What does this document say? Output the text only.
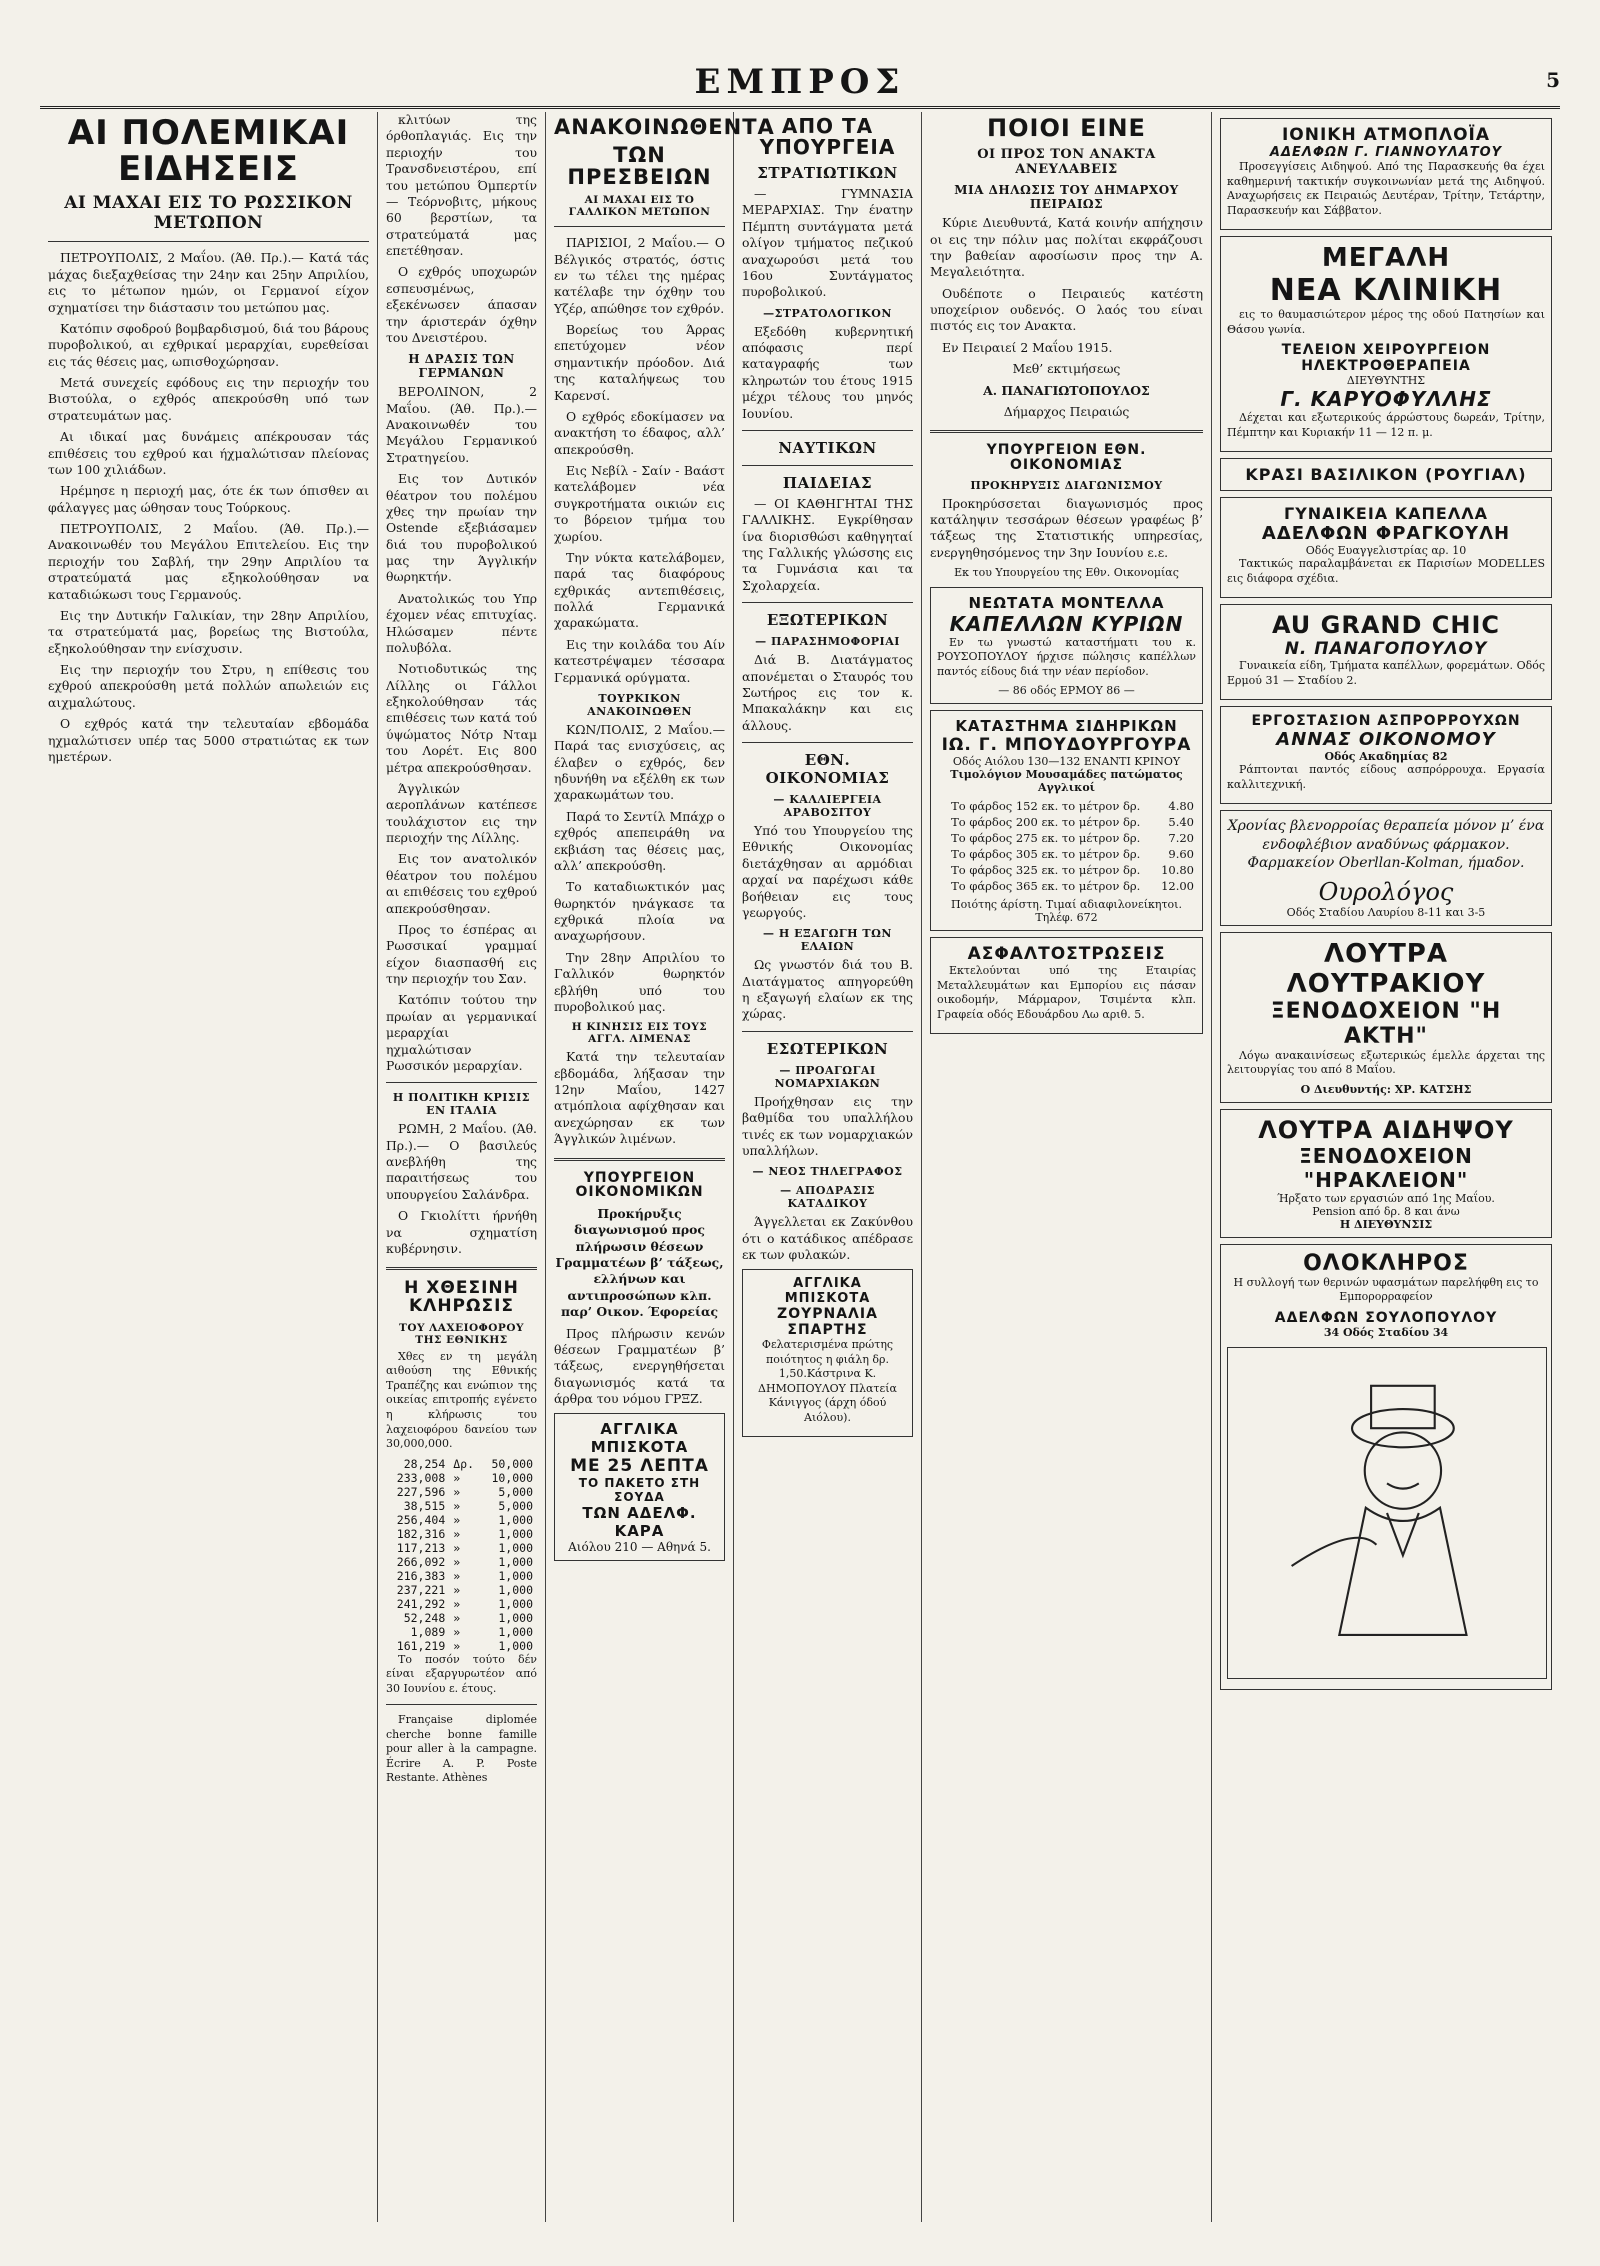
ΕΜΠΡΟΣ	5
ΑΙ ΠΟΛΕΜΙΚΑΙ ΕΙΔΗΣΕΙΣ
ΑΙ ΜΑΧΑΙ ΕΙΣ ΤΟ ΡΩΣΣΙΚΟΝ ΜΕΤΩΠΟΝ

ΠΕΤΡΟΥΠΟΛΙΣ, 2 Μαΐου. (Άθ. Πρ.).— Κατά τάς μάχας διεξαχθείσας την 24ην και 25ην Απριλίου, εις το μέτωπον ημών, οι Γερμανοί είχον σχηματίσει την διάστασιν του μετώπου μας.

Κατόπιν σφοδρού βομβαρδισμού, διά του βάρους πυροβολικού, αι εχθρικαί μεραρχίαι, ευρεθείσαι εις τάς θέσεις μας, ωπισθοχώρησαν.

Μετά συνεχείς εφόδους εις την περιοχήν του Βιστούλα, ο εχθρός απεκρούσθη υπό των στρατευμάτων μας.

Αι ιδικαί μας δυνάμεις απέκρουσαν τάς επιθέσεις του εχθρού και ήχμαλώτισαν πλείονας των 100 χιλιάδων.

Ηρέμησε η περιοχή μας, ότε έκ των όπισθεν αι φάλαγγες μας ώθησαν τους Τούρκους.

ΠΕΤΡΟΥΠΟΛΙΣ, 2 Μαΐου. (Άθ. Πρ.).— Ανακοινωθέν του Μεγάλου Επιτελείου. Εις την περιοχήν του Σαβλή, την 29ην Απριλίου τα στρατεύματά μας εξηκολούθησαν να καταδιώκωσι τους Γερμανούς.

Εις την Δυτικήν Γαλικίαν, την 28ην Απριλίου, τα στρατεύματά μας, βορείως της Βιστούλα, εξηκολούθησαν την ενίσχυσιν.

Εις την περιοχήν του Στρυ, η επίθεσις του εχθρού απεκρούσθη μετά πολλών απωλειών εις αιχμαλώτους.

Ο εχθρός κατά την τελευταίαν εβδομάδα ηχμαλώτισεν υπέρ τας 5000 στρατιώτας εκ των ημετέρων.

κλιτύων της όρθοπλαγιάς. Εις την περιοχήν του Τρανσδνειστέρου, επί του μετώπου Όμπερτίν — Τεόρνοβιτς, μήκους 60 βερστίων, τα στρατεύματά μας επετέθησαν.

Ο εχθρός υποχωρών εσπευσμένως, εξεκένωσεν άπασαν την άριστεράν όχθην του Δνειστέρου.

Η ΔΡΑΣΙΣ ΤΩΝ ΓΕΡΜΑΝΩΝ

ΒΕΡΟΛΙΝΟΝ, 2 Μαΐου. (Άθ. Πρ.).— Ανακοινωθέν του Μεγάλου Γερμανικού Στρατηγείου.

Εις τον Δυτικόν θέατρον του πολέμου χθες την πρωίαν την Ostende εξεβιάσαμεν διά του πυροβολικού μας την Άγγλικήν θωρηκτήν.

Ανατολικώς του Υπρ έχομεν νέας επιτυχίας. Ηλώσαμεν πέντε πολυβόλα.

Νοτιοδυτικώς της Λίλλης οι Γάλλοι εξηκολούθησαν τάς επιθέσεις των κατά τού ύψώματος Νότρ Νταμ του Λορέτ. Εις 800 μέτρα απεκρούσθησαν.

Άγγλικών αεροπλάνων κατέπεσε τουλάχιστον εις την περιοχήν της Λίλλης.

Εις τον ανατολικόν θέατρον του πολέμου αι επιθέσεις του εχθρού απεκρούσθησαν.

Προς το έσπέρας αι Ρωσσικαί γραμμαί είχον διασπασθή εις την περιοχήν του Σαν.

Κατόπιν τούτου την πρωίαν αι γερμανικαί μεραρχίαι ηχμαλώτισαν Ρωσσικόν μεραρχίαν.

Η ΠΟΛΙΤΙΚΗ ΚΡΙΣΙΣ ΕΝ ΙΤΑΛΙΑ

ΡΩΜΗ, 2 Μαΐου. (Άθ. Πρ.).— Ο βασιλεύς ανεβλήθη της παραιτήσεως του υπουργείου Σαλάνδρα.

Ο Γκιολίττι ήρνήθη να σχηματίση κυβέρνησιν.

Η ΧΘΕΣΙΝΗ ΚΛΗΡΩΣΙΣ
ΤΟΥ ΛΑΧΕΙΟΦΟΡΟΥ ΤΗΣ ΕΘΝΙΚΗΣ

Χθες εν τη μεγάλη αιθούση της Εθνικής Τραπέζης και ενώπιον της οικείας επιτροπής εγένετο η κλήρωσις του λαχειοφόρου δανείου των 30,000,000.

28,254	Δρ.	50,000
233,008	»	10,000
227,596	»	5,000
38,515	»	5,000
256,404	»	1,000
182,316	»	1,000
117,213	»	1,000
266,092	»	1,000
216,383	»	1,000
237,221	»	1,000
241,292	»	1,000
52,248	»	1,000
1,089	»	1,000
161,219	»	1,000

Το ποσόν τούτο δέν είναι εξαργυρωτέον από 30 Ιουνίου ε. έτους.

Française diplomée cherche bonne famille pour aller à la campagne. Écrire A. P. Poste Restante. Athènes

ΑΝΑΚΟΙΝΩΘΕΝΤΑ
ΤΩΝ ΠΡΕΣΒΕΙΩΝ
ΑΙ ΜΑΧΑΙ ΕΙΣ ΤΟ ΓΑΛΛΙΚΟΝ ΜΕΤΩΠΟΝ

ΠΑΡΙΣΙΟΙ, 2 Μαΐου.— Ο Βέλγικός στρατός, όστις εν τω τέλει της ημέρας κατέλαβε την όχθην του Υζέρ, απώθησε τον εχθρόν.

Βορείως του Άρρας επετύχομεν νέον σημαντικήν πρόοδον. Διά της καταλήψεως του Καρενσί.

Ο εχθρός εδοκίμασεν να ανακτήση το έδαφος, αλλ’ απεκρούσθη.

Εις Νεβίλ - Σαίν - Βαάστ κατελάβομεν νέα συγκροτήματα οικιών εις το βόρειον τμήμα του χωρίου.

Την νύκτα κατελάβομεν, παρά τας διαφόρους εχθρικάς αντεπιθέσεις, πολλά Γερμανικά χαρακώματα.

Εις την κοιλάδα του Αίν κατεστρέψαμεν τέσσαρα Γερμανικά ορύγματα.

ΤΟΥΡΚΙΚΟΝ ΑΝΑΚΟΙΝΩΘΕΝ

ΚΩΝ/ΠΟΛΙΣ, 2 Μαΐου.— Παρά τας ενισχύσεις, ας έλαβεν ο εχθρός, δεν ηδυνήθη να εξέλθη εκ των χαρακωμάτων του.

Παρά το Σεντίλ Μπάχρ ο εχθρός απεπειράθη να εκβιάση τας θέσεις μας, αλλ’ απεκρούσθη.

Το καταδιωκτικόν μας θωρηκτόν ηνάγκασε τα εχθρικά πλοία να αναχωρήσουν.

Την 28ην Απριλίου το Γαλλικόν θωρηκτόν εβλήθη υπό του πυροβολικού μας.

Η ΚΙΝΗΣΙΣ ΕΙΣ ΤΟΥΣ ΑΓΓΛ. ΛΙΜΕΝΑΣ

Κατά την τελευταίαν εβδομάδα, λήξασαν την 12ην Μαΐου, 1427 ατμόπλοια αφίχθησαν και ανεχώρησαν εκ των Άγγλικών λιμένων.

ΥΠΟΥΡΓΕΙΟΝ ΟΙΚΟΝΟΜΙΚΩΝ

Προκήρυξις διαγωνισμού προς πλήρωσιν θέσεων Γραμματέων β’ τάξεως, ελλήνων και αντιπροσώπων κλπ. παρ’ Οικον. Έφορείας

Προς πλήρωσιν κενών θέσεων Γραμματέων β’ τάξεως, ενεργηθήσεται διαγωνισμός κατά τα άρθρα του νόμου ΓΡΞΖ.

ΑΓΓΛΙΚΑ ΜΠΙΣΚΟΤΑ
ΜΕ 25 ΛΕΠΤΑ
ΤΟ ΠΑΚΕΤΟ ΣΤΗ ΣΟΥΔΑ
ΤΩΝ ΑΔΕΛΦ. ΚΑΡΑ
Αιόλου 210 — Αθηνά 5.
ΑΠΟ ΤΑ ΥΠΟΥΡΓΕΙΑ
ΣΤΡΑΤΙΩΤΙΚΩΝ

— ΓΥΜΝΑΣΙΑ ΜΕΡΑΡΧΙΑΣ. Την ένατην Πέμπτη συντάγματα μετά ολίγον τμήματος πεζικού αναχωρούσι μετά του 16ου Συντάγματος πυροβολικού.

—ΣΤΡΑΤΟΛΟΓΙΚΟΝ

Εξεδόθη κυβερνητική απόφασις περί καταγραφής των κληρωτών του έτους 1915 μέχρι τέλους του μηνός Ιουνίου.

ΝΑΥΤΙΚΩΝ
ΠΑΙΔΕΙΑΣ

— ΟΙ ΚΑΘΗΓΗΤΑΙ ΤΗΣ ΓΑΛΛΙΚΗΣ. Εγκρίθησαν ίνα διορισθώσι καθηγηταί της Γαλλικής γλώσσης εις τα Γυμνάσια και τα Σχολαρχεία.

ΕΞΩΤΕΡΙΚΩΝ
— ΠΑΡΑΣΗΜΟΦΟΡΙΑΙ

Διά Β. Διατάγματος απονέμεται ο Σταυρός του Σωτήρος εις τον κ. Μπακαλάκην και εις άλλους.

ΕΘΝ. ΟΙΚΟΝΟΜΙΑΣ
— ΚΑΛΛΙΕΡΓΕΙΑ ΑΡΑΒΟΣΙΤΟΥ

Υπό του Υπουργείου της Εθνικής Οικονομίας διετάχθησαν αι αρμόδιαι αρχαί να παρέχωσι κάθε βοήθειαν εις τους γεωργούς.

— Η ΕΞΑΓΩΓΗ ΤΩΝ ΕΛΑΙΩΝ

Ως γνωστόν διά του Β. Διατάγματος απηγορεύθη η εξαγωγή ελαίων εκ της χώρας.

ΕΣΩΤΕΡΙΚΩΝ
— ΠΡΟΑΓΩΓΑΙ ΝΟΜΑΡΧΙΑΚΩΝ

Προήχθησαν εις την βαθμίδα του υπαλλήλου τινές εκ των νομαρχιακών υπαλλήλων.

— ΝΕΟΣ ΤΗΛΕΓΡΑΦΟΣ
— ΑΠΟΔΡΑΣΙΣ ΚΑΤΑΔΙΚΟΥ

Άγγελλεται εκ Ζακύνθου ότι ο κατάδικος απέδρασε εκ των φυλακών.

ΑΓΓΛΙΚΑ ΜΠΙΣΚΟΤΑ
ΖΟΥΡΝΑΛΙΑ ΣΠΑΡΤΗΣ

Φελατερισμένα πρώτης ποιότητος η φιάλη δρ. 1,50.Κάστρινα Κ. ΔΗΜΟΠΟΥΛΟΥ Πλατεία Κάνιγγος (άρχη όδού Αιόλου).

ΠΟΙΟΙ ΕΙΝΕ
ΟΙ ΠΡΟΣ ΤΟΝ ΑΝΑΚΤΑ ΑΝΕΥΛΑΒΕΙΣ
ΜΙΑ ΔΗΛΩΣΙΣ ΤΟΥ ΔΗΜΑΡΧΟΥ ΠΕΙΡΑΙΩΣ

Κύριε Διευθυντά, Κατά κοινήν απήχησιν οι εις την πόλιν μας πολίται εκφράζουσι την βαθείαν αφοσίωσιν προς την Α. Μεγαλειότητα.

Ουδέποτε ο Πειραιεύς κατέστη υποχείριον ουδενός. Ο λαός του είναι πιστός εις τον Ανακτα.

Εν Πειραιεί 2 Μαΐου 1915.

Μεθ’ εκτιμήσεως

Α. ΠΑΝΑΓΙΩΤΟΠΟΥΛΟΣ

Δήμαρχος Πειραιώς

ΥΠΟΥΡΓΕΙΟΝ ΕΘΝ. ΟΙΚΟΝΟΜΙΑΣ
ΠΡΟΚΗΡΥΞΙΣ ΔΙΑΓΩΝΙΣΜΟΥ

Προκηρύσσεται διαγωνισμός προς κατάληψιν τεσσάρων θέσεων γραφέως β’ τάξεως της Στατιστικής υπηρεσίας, ενεργηθησόμενος την 3ην Ιουνίου ε.ε.

Εκ του Υπουργείου της Εθν. Οικονομίας

ΝΕΩΤΑΤΑ ΜΟΝΤΕΛΛΑ
ΚΑΠΕΛΛΩΝ ΚΥΡΙΩΝ

Εν τω γνωστώ καταστήματι του κ. ΡΟΥΣΟΠΟΥΛΟΥ ήρχισε πώλησις καπέλλων παντός είδους διά την νέαν περίοδον.

— 86 οδός ΕΡΜΟΥ 86 —
ΚΑΤΑΣΤΗΜΑ ΣΙΔΗΡΙΚΩΝ
ΙΩ. Γ. ΜΠΟΥΔΟΥΡΓΟΥΡΑ
Οδός Αιόλου 130—132 ΕΝΑΝΤΙ ΚΡΙΝΟΥ
Τιμολόγιον Μουσαμάδες πατώματος Αγγλικοί
Το φάρδος 152 εκ. το μέτρον δρ.	4.80
Το φάρδος 200 εκ. το μέτρον δρ.	5.40
Το φάρδος 275 εκ. το μέτρον δρ.	7.20
Το φάρδος 305 εκ. το μέτρον δρ.	9.60
Το φάρδος 325 εκ. το μέτρον δρ.	10.80
Το φάρδος 365 εκ. το μέτρον δρ.	12.00
Ποιότης άρίστη. Τιμαί αδιαφιλονείκητοι. Τηλέφ. 672
ΑΣΦΑΛΤΟΣΤΡΩΣΕΙΣ

Εκτελούνται υπό της Εταιρίας Μεταλλευμάτων και Εμπορίου εις πάσαν οικοδομήν, Μάρμαρον, Τσιμέντα κλπ. Γραφεία οδός Εδουάρδου Λω αριθ. 5.

ΙΟΝΙΚΗ ΑΤΜΟΠΛΟΪΑ
ΑΔΕΛΦΩΝ Γ. ΓΙΑΝΝΟΥΛΑΤΟΥ

Προσεγγίσεις Αιδηψού. Από της Παρασκευής θα έχει καθημερινή τακτικήν συγκοινωνίαν μετά της Αιδηψού. Αναχωρήσεις εκ Πειραιώς Δευτέραν, Τρίτην, Τετάρτην, Παρασκευήν και Σάββατον.

ΜΕΓΑΛΗ
ΝΕΑ ΚΛΙΝΙΚΗ

εις το θαυμασιώτερον μέρος της οδού Πατησίων και Θάσου γωνία.

ΤΕΛΕΙΟΝ ΧΕΙΡΟΥΡΓΕΙΟΝ
ΗΛΕΚΤΡΟΘΕΡΑΠΕΙΑ
ΔΙΕΥΘΥΝΤΗΣ
Γ. ΚΑΡΥΟΦΥΛΛΗΣ

Δέχεται και εξωτερικούς άρρώστους δωρεάν, Τρίτην, Πέμπτην και Κυριακήν 11 — 12 π. μ.

ΚΡΑΣΙ ΒΑΣΙΛΙΚΟΝ (ΡΟΥΓΙΑΛ)
ΓΥΝΑΙΚΕΙΑ ΚΑΠΕΛΛΑ
ΑΔΕΛΦΩΝ ΦΡΑΓΚΟΥΛΗ
Οδός Ευαγγελιστρίας αρ. 10

Τακτικώς παραλαμβάνεται εκ Παρισίων MODELLES εις διάφορα σχέδια.

AU GRAND CHIC
Ν. ΠΑΝΑΓΟΠΟΥΛΟΥ

Γυναικεία είδη, Τμήματα καπέλλων, φορεμάτων. Οδός Ερμού 31 — Σταδίου 2.

ΕΡΓΟΣΤΑΣΙΟΝ ΑΣΠΡΟΡΡΟΥΧΩΝ
ΑΝΝΑΣ ΟΙΚΟΝΟΜΟΥ
Οδός Ακαδημίας 82

Ράπτονται παντός είδους ασπρόρρουχα. Εργασία καλλιτεχνική.

Χρονίας βλενορροίας θεραπεία μόνον μ’ ένα ενδοφλέβιον αναδύνως φάρμακον. Φαρμακείον Oberllan-Kolman, ήμαδον.

Ουρολόγος
Οδός Σταδίου Λαυρίου 8-11 και 3-5
ΛΟΥΤΡΑ ΛΟΥΤΡΑΚΙΟΥ
ΞΕΝΟΔΟΧΕΙΟΝ "Η ΑΚΤΗ"

Λόγω ανακαινίσεως εξωτερικώς έμελλε άρχεται της λειτουργίας του από 8 Μαΐου.

Ο Διευθυντής: ΧΡ. ΚΑΤΣΗΣ
ΛΟΥΤΡΑ ΑΙΔΗΨΟΥ
ΞΕΝΟΔΟΧΕΙΟΝ "ΗΡΑΚΛΕΙΟΝ"
Ήρξατο των εργασιών από 1ης Μαΐου.
Pension από δρ. 8 και άνω
Η ΔΙΕΥΘΥΝΣΙΣ
ΟΛΟΚΛΗΡΟΣ

Η συλλογή των θερινών υφασμάτων παρελήφθη εις το Εμπορορραφείον

ΑΔΕΛΦΩΝ ΣΟΥΛΟΠΟΥΛΟΥ
34 Οδός Σταδίου 34
